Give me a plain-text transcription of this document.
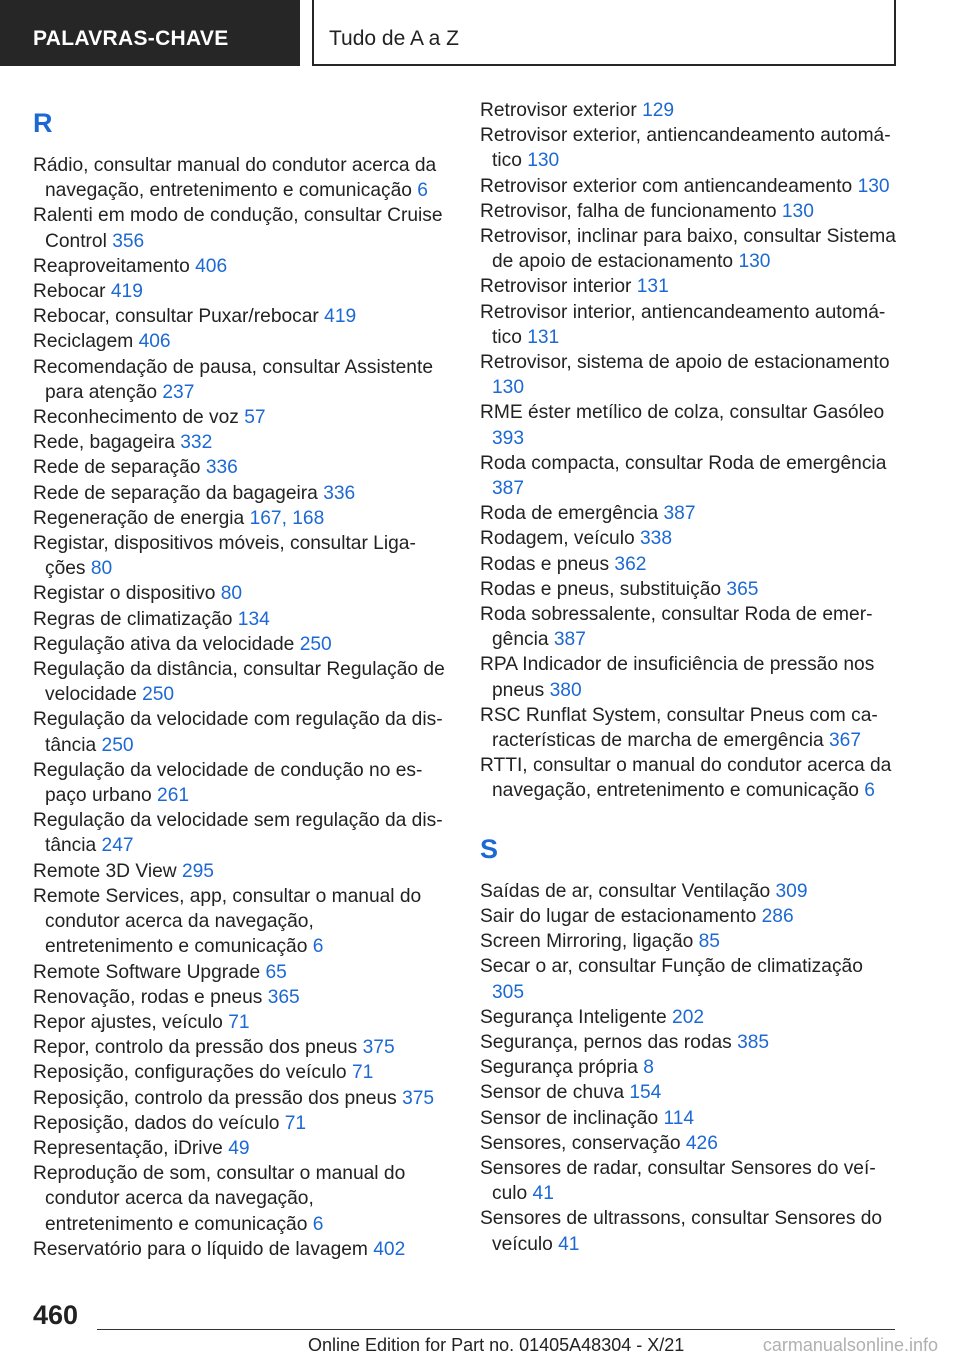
PALAVRAS-CHAVE	Tudo de A a Z
R
Rádio, consultar manual do condutor acerca da navegação, entretenimento e comunicação 6
Ralenti em modo de condução, consultar Cruise Control 356
Reaproveitamento 406
Rebocar 419
Rebocar, consultar Puxar/rebocar 419
Reciclagem 406
Recomendação de pausa, consultar Assistente para atenção 237
Reconhecimento de voz 57
Rede, bagageira 332
Rede de separação 336
Rede de separação da bagageira 336
Regeneração de energia 167, 168
Registar, dispositivos móveis, consultar Ligações 80
Registar o dispositivo 80
Regras de climatização 134
Regulação ativa da velocidade 250
Regulação da distância, consultar Regulação de velocidade 250
Regulação da velocidade com regulação da distância 250
Regulação da velocidade de condução no espaço urbano 261
Regulação da velocidade sem regulação da distância 247
Remote 3D View 295
Remote Services, app, consultar o manual do condutor acerca da navegação, entretenimento e comunicação 6
Remote Software Upgrade 65
Renovação, rodas e pneus 365
Repor ajustes, veículo 71
Repor, controlo da pressão dos pneus 375
Reposição, configurações do veículo 71
Reposição, controlo da pressão dos pneus 375
Reposição, dados do veículo 71
Representação, iDrive 49
Reprodução de som, consultar o manual do condutor acerca da navegação, entretenimento e comunicação 6
Reservatório para o líquido de lavagem 402
Retrovisor exterior 129
Retrovisor exterior, antiencandeamento automático 130
Retrovisor exterior com antiencandeamento 130
Retrovisor, falha de funcionamento 130
Retrovisor, inclinar para baixo, consultar Sistema de apoio de estacionamento 130
Retrovisor interior 131
Retrovisor interior, antiencandeamento automático 131
Retrovisor, sistema de apoio de estacionamento 130
RME éster metílico de colza, consultar Gasóleo 393
Roda compacta, consultar Roda de emergência 387
Roda de emergência 387
Rodagem, veículo 338
Rodas e pneus 362
Rodas e pneus, substituição 365
Roda sobressalente, consultar Roda de emergência 387
RPA Indicador de insuficiência de pressão nos pneus 380
RSC Runflat System, consultar Pneus com características de marcha de emergência 367
RTTI, consultar o manual do condutor acerca da navegação, entretenimento e comunicação 6
S
Saídas de ar, consultar Ventilação 309
Sair do lugar de estacionamento 286
Screen Mirroring, ligação 85
Secar o ar, consultar Função de climatização 305
Segurança Inteligente 202
Segurança, pernos das rodas 385
Segurança própria 8
Sensor de chuva 154
Sensor de inclinação 114
Sensores, conservação 426
Sensores de radar, consultar Sensores do veículo 41
Sensores de ultrassons, consultar Sensores do veículo 41
460
Online Edition for Part no. 01405A48304 - X/21	carmanualsonline.info
